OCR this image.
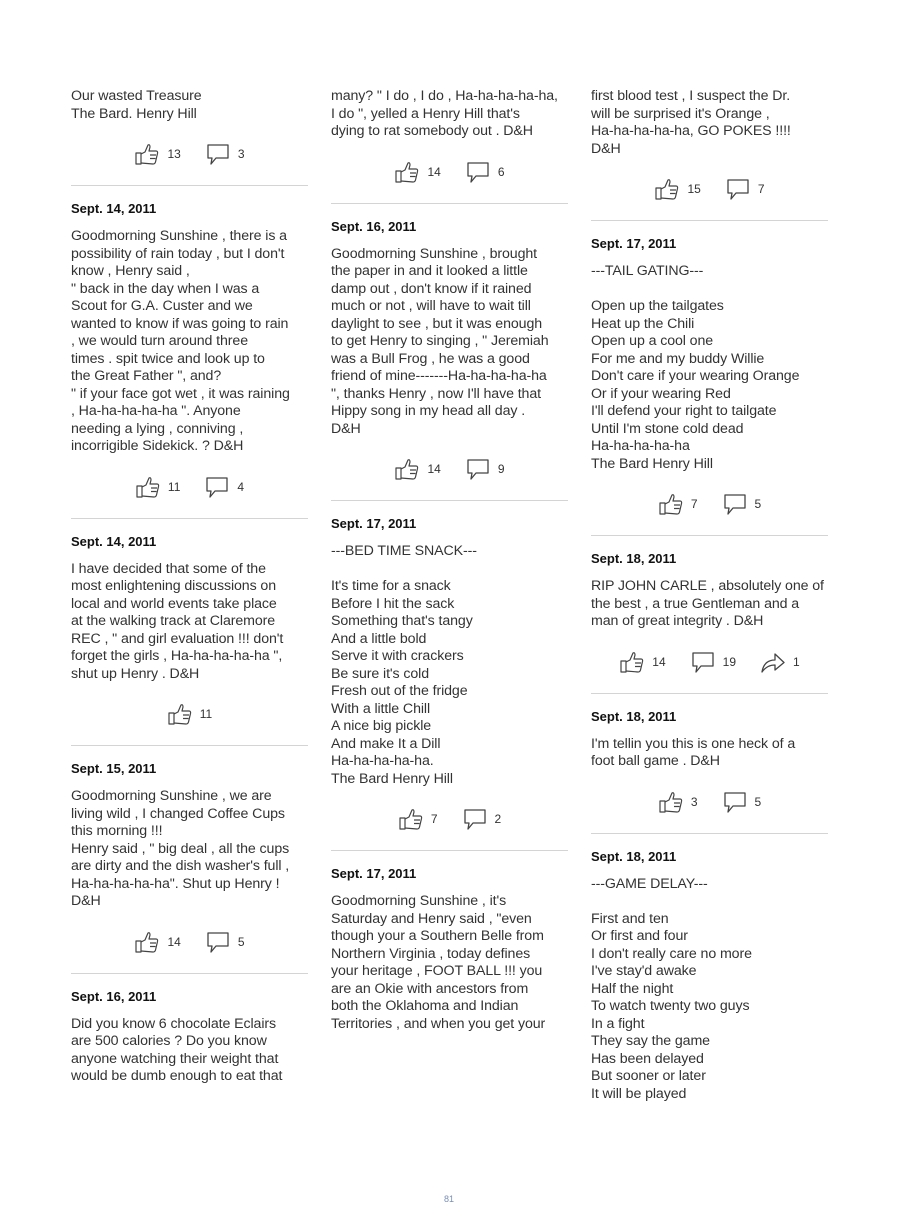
Our wasted Treasure
The Bard. Henry Hill

13	3
Sept. 14, 2011

Goodmorning Sunshine , there is a
possibility of rain today , but I don't
know , Henry said ,
" back in the day when I was a
Scout for G.A. Custer and we
wanted to know if was going to rain
, we would turn around three
times . spit twice and look up to
the Great Father ", and?
" if your face got wet , it was raining
, Ha-ha-ha-ha-ha ". Anyone
needing a lying , conniving ,
incorrigible Sidekick. ? D&H

11	4
Sept. 14, 2011

I have decided that some of the
most enlightening discussions on
local and world events take place
at the walking track at Claremore
REC , " and girl evaluation !!! don't
forget the girls , Ha-ha-ha-ha-ha ",
shut up Henry . D&H

11
Sept. 15, 2011

Goodmorning Sunshine , we are
living wild , I changed Coffee Cups
this morning !!!
Henry said , " big deal , all the cups
are dirty and the dish washer's full ,
Ha-ha-ha-ha-ha". Shut up Henry !
D&H

14	5
Sept. 16, 2011

Did you know 6 chocolate Eclairs
are 500 calories ? Do you know
anyone watching their weight that
would be dumb enough to eat that

many? " I do , I do , Ha-ha-ha-ha-ha,
I do ", yelled a Henry Hill that's
dying to rat somebody out . D&H

14	6
Sept. 16, 2011

Goodmorning Sunshine , brought
the paper in and it looked a little
damp out , don't know if it rained
much or not , will have to wait till
daylight to see , but it was enough
to get Henry to singing , " Jeremiah
was a Bull Frog , he was a good
friend of mine-------Ha-ha-ha-ha-ha
", thanks Henry , now I'll have that
Hippy song in my head all day .
D&H

14	9
Sept. 17, 2011

---BED TIME SNACK---

It's time for a snack
Before I hit the sack
Something that's tangy
And a little bold
Serve it with crackers
Be sure it's cold
Fresh out of the fridge
With a little Chill
A nice big pickle
And make It a Dill
Ha-ha-ha-ha-ha.
The Bard Henry Hill

7	2
Sept. 17, 2011

Goodmorning Sunshine , it's
Saturday and Henry said , "even
though your a Southern Belle from
Northern Virginia , today defines
your heritage , FOOT BALL !!! you
are an Okie with ancestors from
both the Oklahoma and Indian
Territories , and when you get your

first blood test , I suspect the Dr.
will be surprised it's Orange ,
Ha-ha-ha-ha-ha, GO POKES !!!!
D&H

15	7
Sept. 17, 2011

---TAIL GATING---

Open up the tailgates
Heat up the Chili
Open up a cool one
For me and my buddy Willie
Don't care if your wearing Orange
Or if your wearing Red
I'll defend your right to tailgate
Until I'm stone cold dead
Ha-ha-ha-ha-ha
The Bard Henry Hill

7	5
Sept. 18, 2011

RIP JOHN CARLE , absolutely one of
the best , a true Gentleman and a
man of great integrity . D&H

14	19	1
Sept. 18, 2011

I'm tellin you this is one heck of a
foot ball game . D&H

3	5
Sept. 18, 2011

---GAME DELAY---

First and ten
Or first and four
I don't really care no more
I've stay'd awake
Half the night
To watch twenty two guys
In a fight
They say the game
Has been delayed
But sooner or later
It will be played

81
